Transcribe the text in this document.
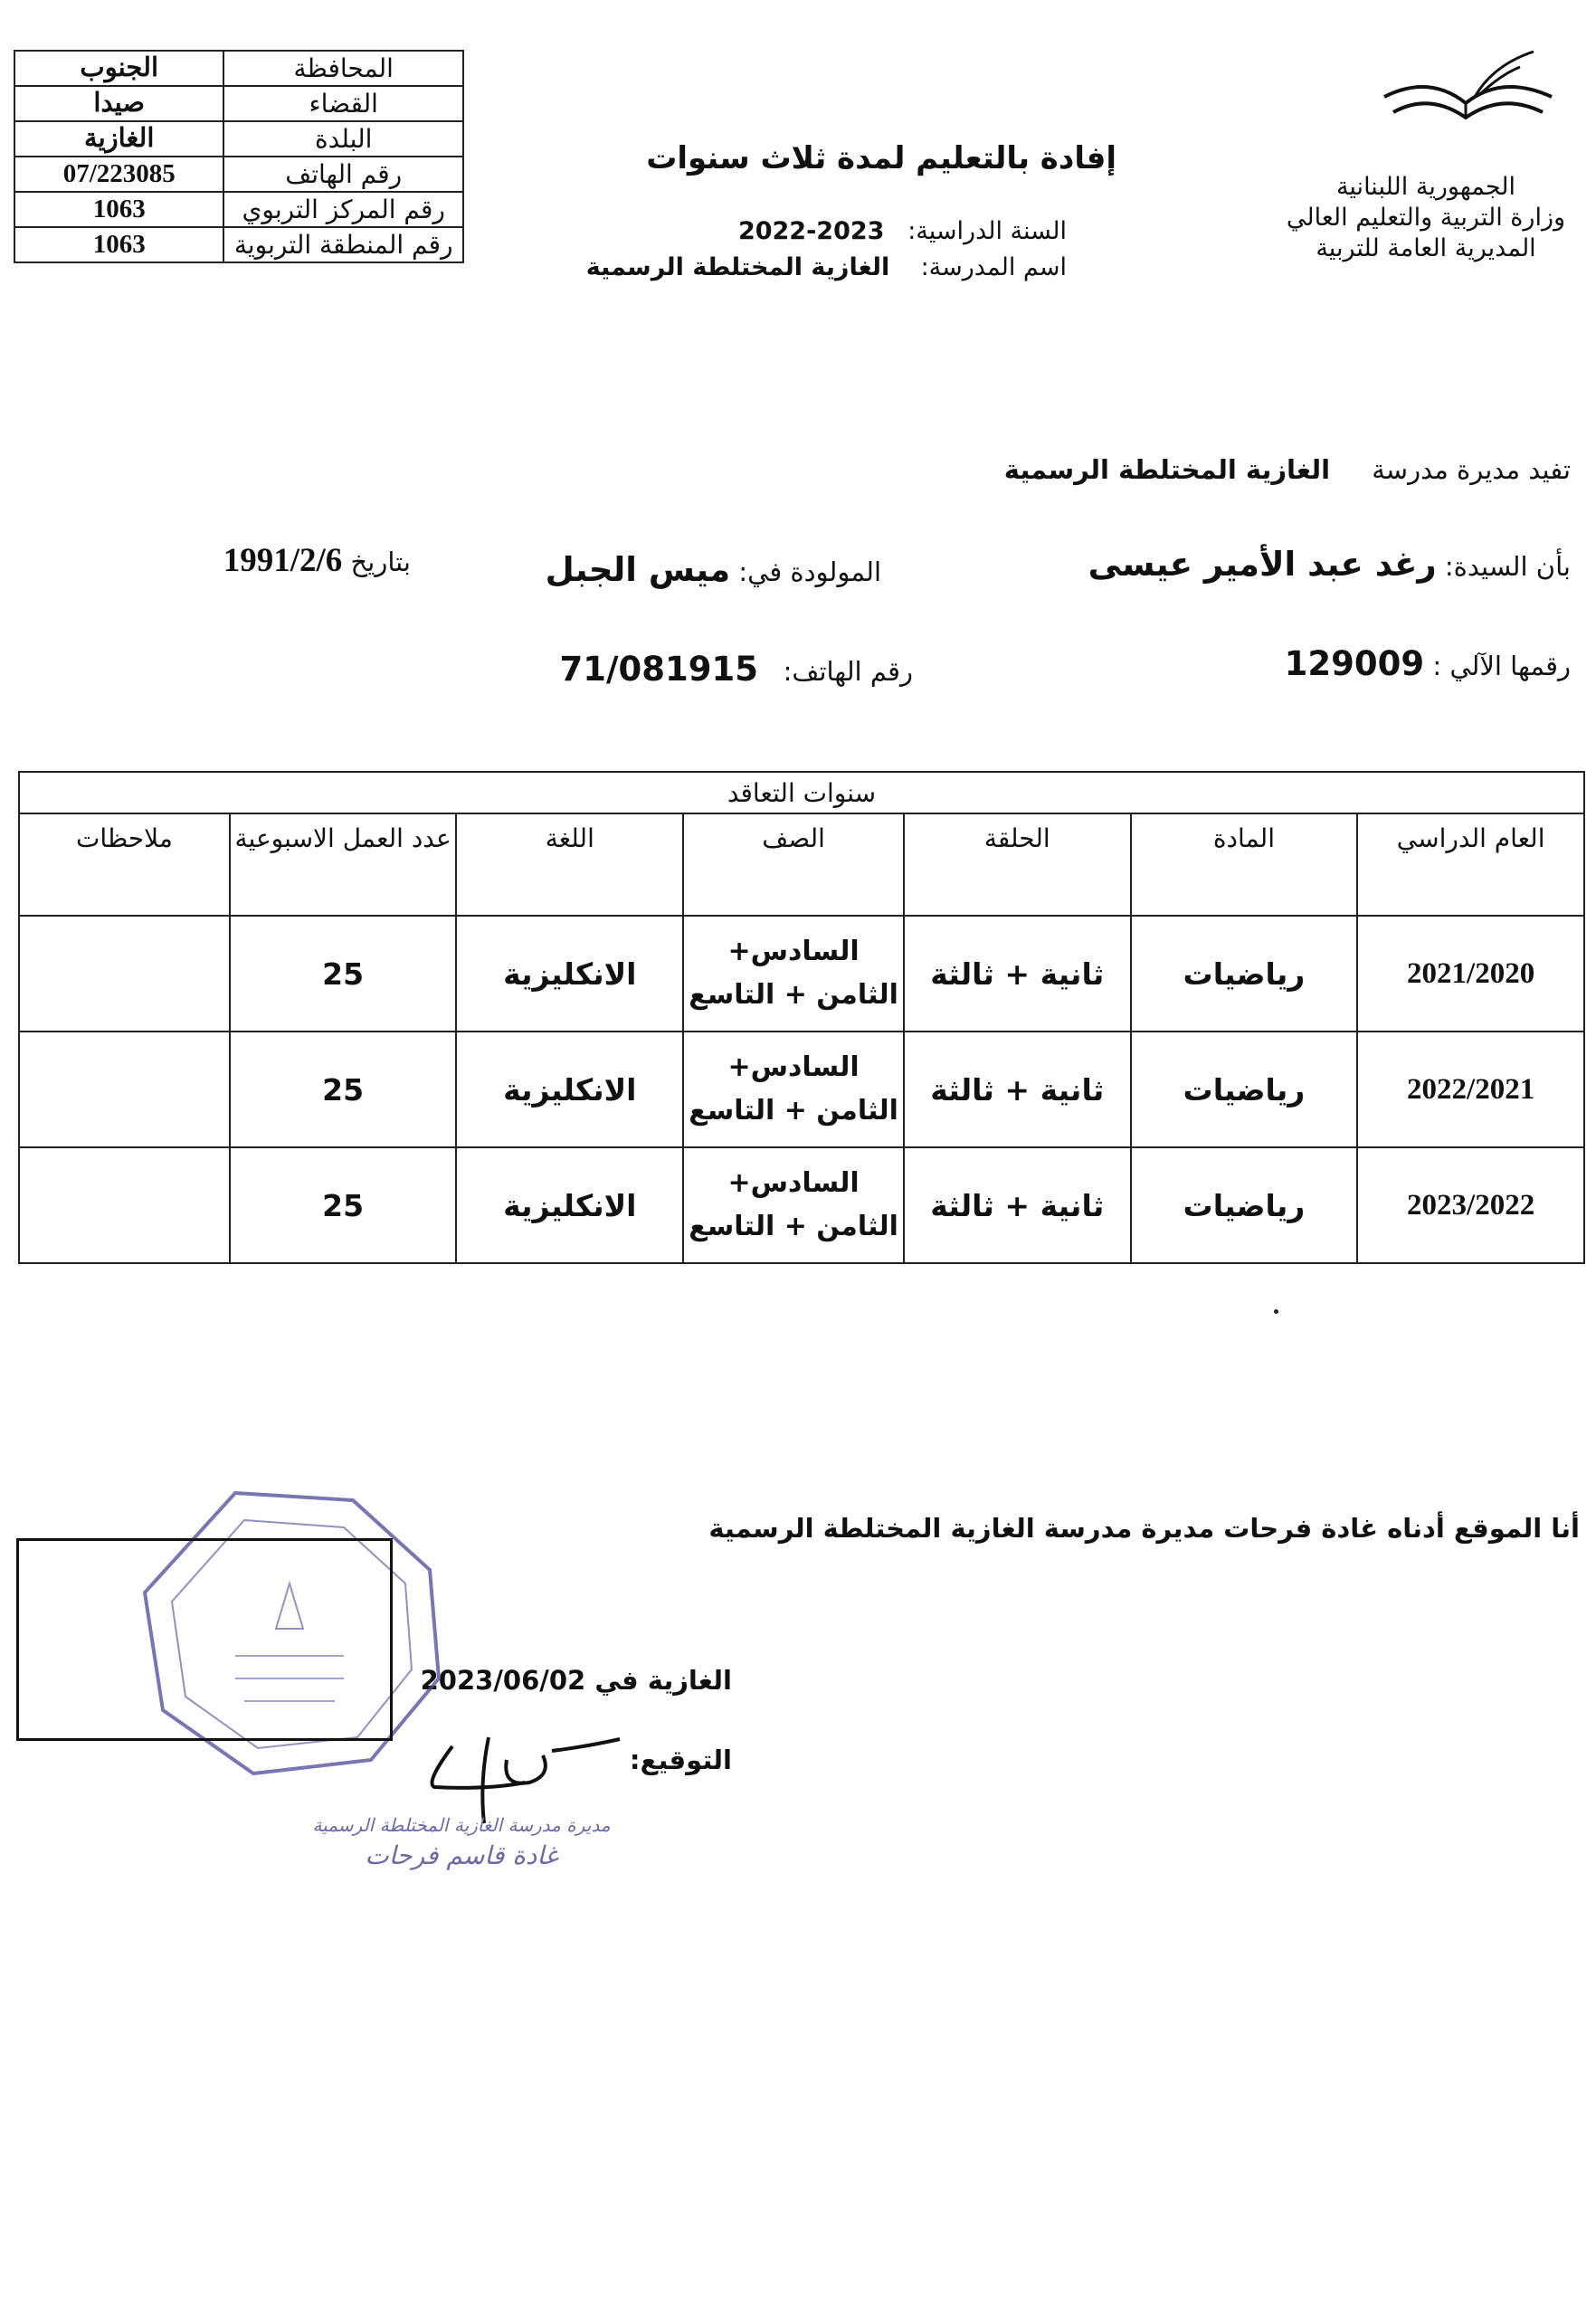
المحافظة	الجنوب
القضاء	صيدا
البلدة	الغازية
رقم الهاتف	07/223085
رقم المركز التربوي	1063
رقم المنطقة التربوية	1063
الجمهورية اللبنانية
وزارة التربية والتعليم العالي
المديرية العامة للتربية
إفادة بالتعليم لمدة ثلاث سنوات
السنة الدراسية:   2022-2023
اسم المدرسة:    الغازية المختلطة الرسمية
تفيد مديرة مدرسة     الغازية المختلطة الرسمية
بأن السيدة: رغد عبد الأمير عيسى
المولودة في: ميس الجبل
بتاريخ 1991/2/6
رقمها الآلي : 129009
رقم الهاتف:   71/081915
سنوات التعاقد						
العام الدراسي	المادة	الحلقة	الصف	اللغة	عدد العمل الاسبوعية	ملاحظات
2021/2020	رياضيات	ثانية + ثالثة	السادس+
الثامن + التاسع	الانكليزية	25	
2022/2021	رياضيات	ثانية + ثالثة	السادس+
الثامن + التاسع	الانكليزية	25	
2023/2022	رياضيات	ثانية + ثالثة	السادس+
الثامن + التاسع	الانكليزية	25	
أنا الموقع أدناه غادة فرحات مديرة مدرسة الغازية المختلطة الرسمية
الغازية في 2023/06/02
التوقيع:
مديرة مدرسة الغازية المختلطة الرسمية
غادة قاسم فرحات
